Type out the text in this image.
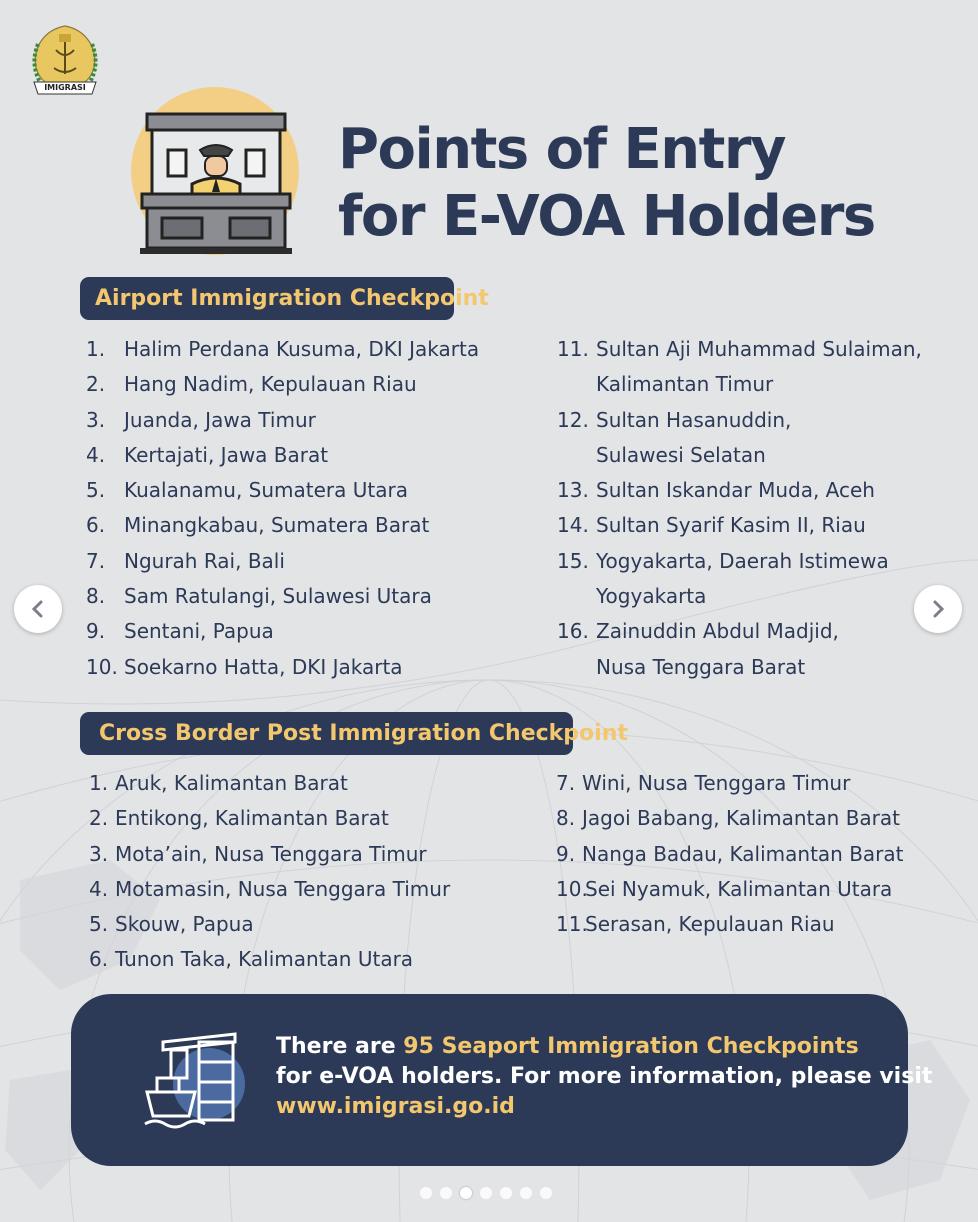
IMIGRASI
Points of Entry
for E-VOA Holders
Airport Immigration Checkpoint
1. Halim Perdana Kusuma, DKI Jakarta
2. Hang Nadim, Kepulauan Riau
3. Juanda, Jawa Timur
4. Kertajati, Jawa Barat
5. Kualanamu, Sumatera Utara
6. Minangkabau, Sumatera Barat
7. Ngurah Rai, Bali
8. Sam Ratulangi, Sulawesi Utara
9. Sentani, Papua
10. Soekarno Hatta, DKI Jakarta
11. Sultan Aji Muhammad Sulaiman,
Kalimantan Timur
12. Sultan Hasanuddin,
Sulawesi Selatan
13. Sultan Iskandar Muda, Aceh
14. Sultan Syarif Kasim II, Riau
15. Yogyakarta, Daerah Istimewa
Yogyakarta
16. Zainuddin Abdul Madjid,
Nusa Tenggara Barat
Cross Border Post Immigration Checkpoint
1. Aruk, Kalimantan Barat
2. Entikong, Kalimantan Barat
3. Mota’ain, Nusa Tenggara Timur
4. Motamasin, Nusa Tenggara Timur
5. Skouw, Papua
6. Tunon Taka, Kalimantan Utara
7. Wini, Nusa Tenggara Timur
8. Jagoi Babang, Kalimantan Barat
9. Nanga Badau, Kalimantan Barat
10.
Sei Nyamuk, Kalimantan Utara
11.
Serasan, Kepulauan Riau
There are 95 Seaport Immigration Checkpoints
for e-VOA holders. For more information, please visit
www.imigrasi.go.id
